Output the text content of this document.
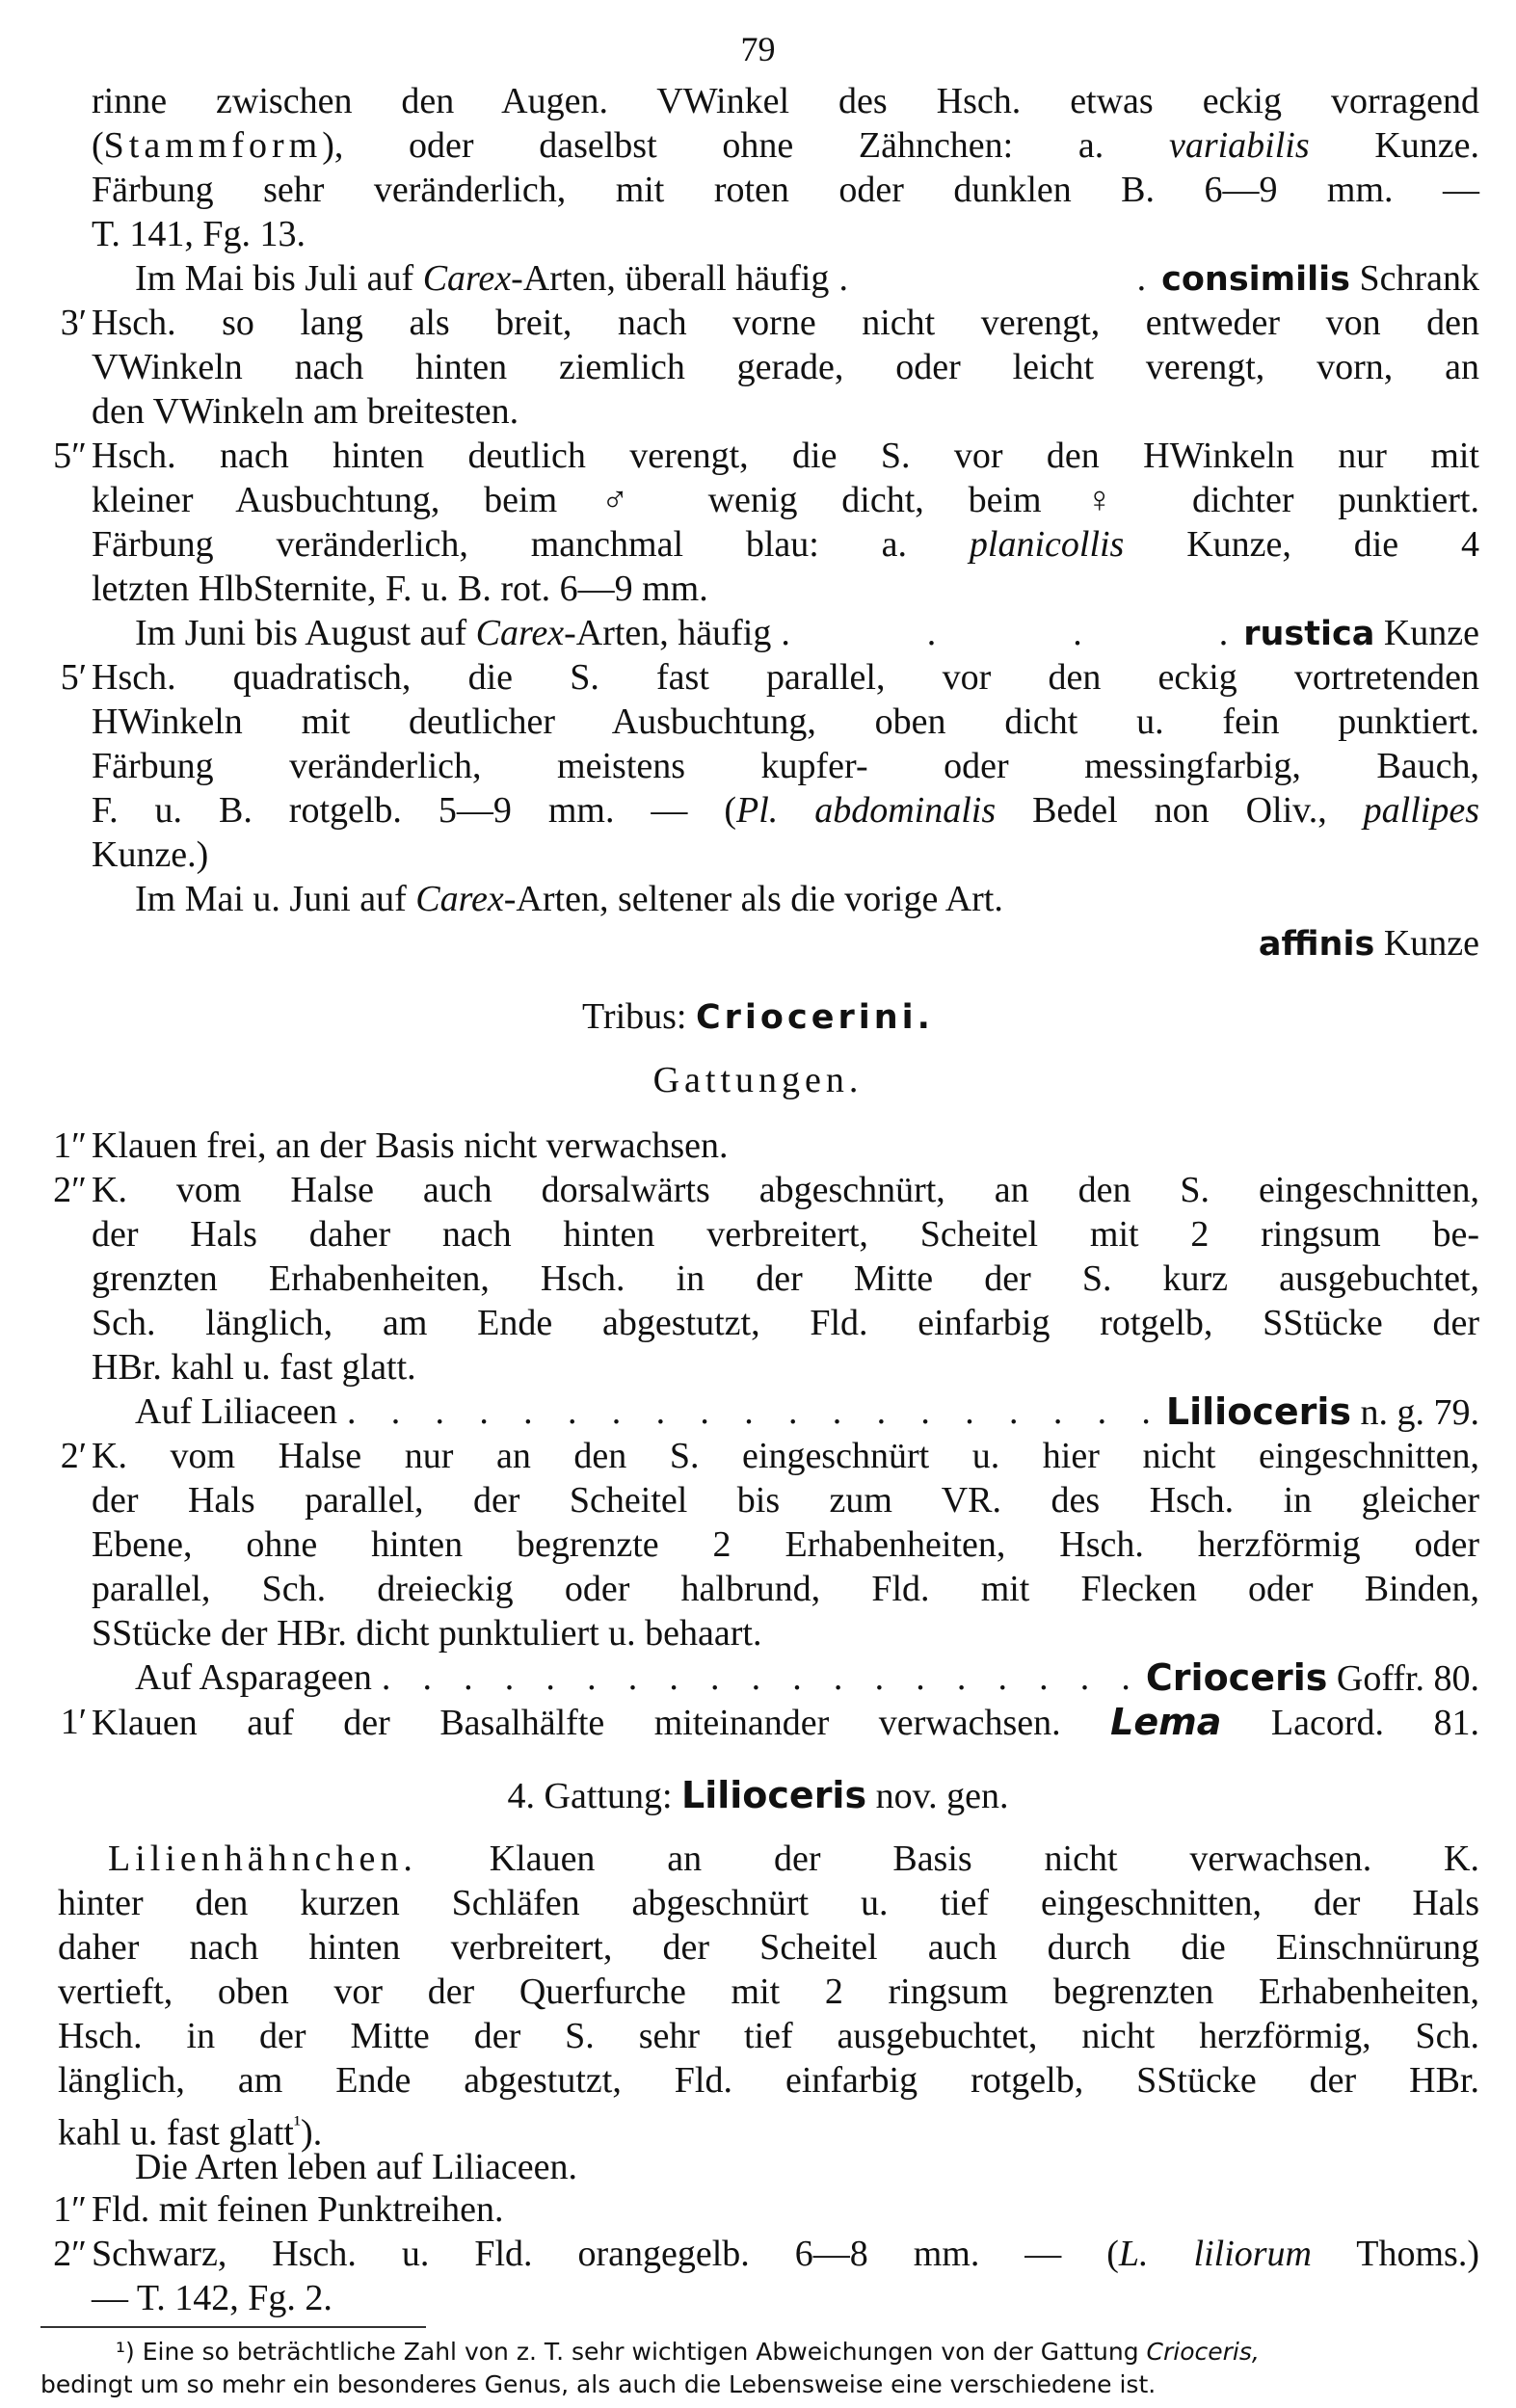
79
rinne zwischen den Augen. VWinkel des Hsch. etwas eckig vorragend
(Stammform), oder daselbst ohne Zähnchen: a. variabilis Kunze.
Färbung sehr veränderlich, mit roten oder dunklen B. 6—9 mm. —
T. 141, Fg. 13.
Im Mai bis Juli auf Carex-Arten, überall häufig . . consimilis Schrank
3′ Hsch. so lang als breit, nach vorne nicht verengt, entweder von den
VWinkeln nach hinten ziemlich gerade, oder leicht verengt, vorn, an
den VWinkeln am breitesten.
5″ Hsch. nach hinten deutlich verengt, die S. vor den HWinkeln nur mit
kleiner Ausbuchtung, beim ♂ wenig dicht, beim ♀ dichter punktiert.
Färbung veränderlich, manchmal blau: a. planicollis Kunze, die 4
letzten HlbSternite, F. u. B. rot. 6—9 mm.
Im Juni bis August auf Carex-Arten, häufig . . . . rustica Kunze
5′ Hsch. quadratisch, die S. fast parallel, vor den eckig vortretenden
HWinkeln mit deutlicher Ausbuchtung, oben dicht u. fein punktiert.
Färbung veränderlich, meistens kupfer- oder messingfarbig, Bauch,
F. u. B. rotgelb. 5—9 mm. — (Pl. abdominalis Bedel non Oliv., pallipes
Kunze.)
Im Mai u. Juni auf Carex-Arten, seltener als die vorige Art.
affinis Kunze
Tribus: Criocerini.
Gattungen.
1″ Klauen frei, an der Basis nicht verwachsen.
2″ K. vom Halse auch dorsalwärts abgeschnürt, an den S. eingeschnitten,
der Hals daher nach hinten verbreitert, Scheitel mit 2 ringsum be-
grenzten Erhabenheiten, Hsch. in der Mitte der S. kurz ausgebuchtet,
Sch. länglich, am Ende abgestutzt, Fld. einfarbig rotgelb, SStücke der
HBr. kahl u. fast glatt.
Auf Liliaceen . . . . . . . . . . . . . . . . . . . Lilioceris n. g. 79.
2′ K. vom Halse nur an den S. eingeschnürt u. hier nicht eingeschnitten,
der Hals parallel, der Scheitel bis zum VR. des Hsch. in gleicher
Ebene, ohne hinten begrenzte 2 Erhabenheiten, Hsch. herzförmig oder
parallel, Sch. dreieckig oder halbrund, Fld. mit Flecken oder Binden,
SStücke der HBr. dicht punktuliert u. behaart.
Auf Asparageen . . . . . . . . . . . . . . . . . . . Crioceris Goffr. 80.
1′ Klauen auf der Basalhälfte miteinander verwachsen. Lema Lacord. 81.
4. Gattung: Lilioceris nov. gen.
Lilienhähnchen. Klauen an der Basis nicht verwachsen. K.
hinter den kurzen Schläfen abgeschnürt u. tief eingeschnitten, der Hals
daher nach hinten verbreitert, der Scheitel auch durch die Einschnürung
vertieft, oben vor der Querfurche mit 2 ringsum begrenzten Erhabenheiten,
Hsch. in der Mitte der S. sehr tief ausgebuchtet, nicht herzförmig, Sch.
länglich, am Ende abgestutzt, Fld. einfarbig rotgelb, SStücke der HBr.
kahl u. fast glatt$^{^1}$).
Die Arten leben auf Liliaceen.
1″ Fld. mit feinen Punktreihen.
2″ Schwarz, Hsch. u. Fld. orangegelb. 6—8 mm. — (L. liliorum Thoms.)
— T. 142, Fg. 2.
¹) Eine so beträchtliche Zahl von z. T. sehr wichtigen Abweichungen von der Gattung Crioceris,
bedingt um so mehr ein besonderes Genus, als auch die Lebensweise eine verschiedene ist.
